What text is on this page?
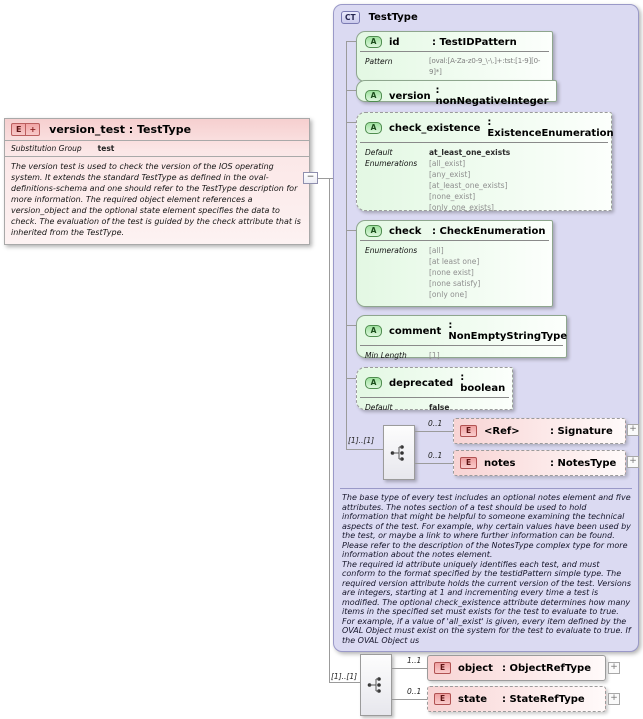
E	+ version_test : TestType
Substitution Group test
The version test is used to check the version of the IOS operating system. It extends the standard TestType as defined in the oval-definitions-schema and one should refer to the TestType description for more information. The required object element references a version_object and the optional state element specifies the data to check. The evaluation of the test is guided by the check attribute that is inherited from the TestType.
−
CT	TestType
A	id	: TestIDPattern
Pattern	[oval:[A-Za-z0-9_\-\.]+:tst:[1-9][0-9]*]
A	version : nonNegativeInteger
A	check_existence : ExistenceEnumeration
Default	at_least_one_exists
Enumerations	[all_exist]
[any_exist]
[at_least_one_exists]
[none_exist]
[only_one_exists]
A	check	: CheckEnumeration
Enumerations	[all]
[at least one]
[none exist]
[none satisfy]
[only one]
A	comment : NonEmptyStringType
Min Length	[1]
A	deprecated : boolean
Default	false
[1]..[1]
0..1
0..1
E	<Ref>	: Signature +
E	notes	: NotesType +

The base type of every test includes an optional notes element and five attributes. The notes section of a test should be used to hold information that might be helpful to someone examining the technical aspects of the test. For example, why certain values have been used by the test, or maybe a link to where further information can be found. Please refer to the description of the NotesType complex type for more information about the notes element.

The required id attribute uniquely identifies each test, and must conform to the format specified by the testidPattern simple type. The required version attribute holds the current version of the test. Versions are integers, starting at 1 and incrementing every time a test is modified. The optional check_existence attribute determines how many items in the specified set must exists for the test to evaluate to true. For example, if a value of 'all_exist' is given, every item defined by the OVAL Object must exist on the system for the test to evaluate to true. If the OVAL Object us

[1]..[1]
1..1
0..1
E	object : ObjectRefType +
E	state	: StateRefType	+
